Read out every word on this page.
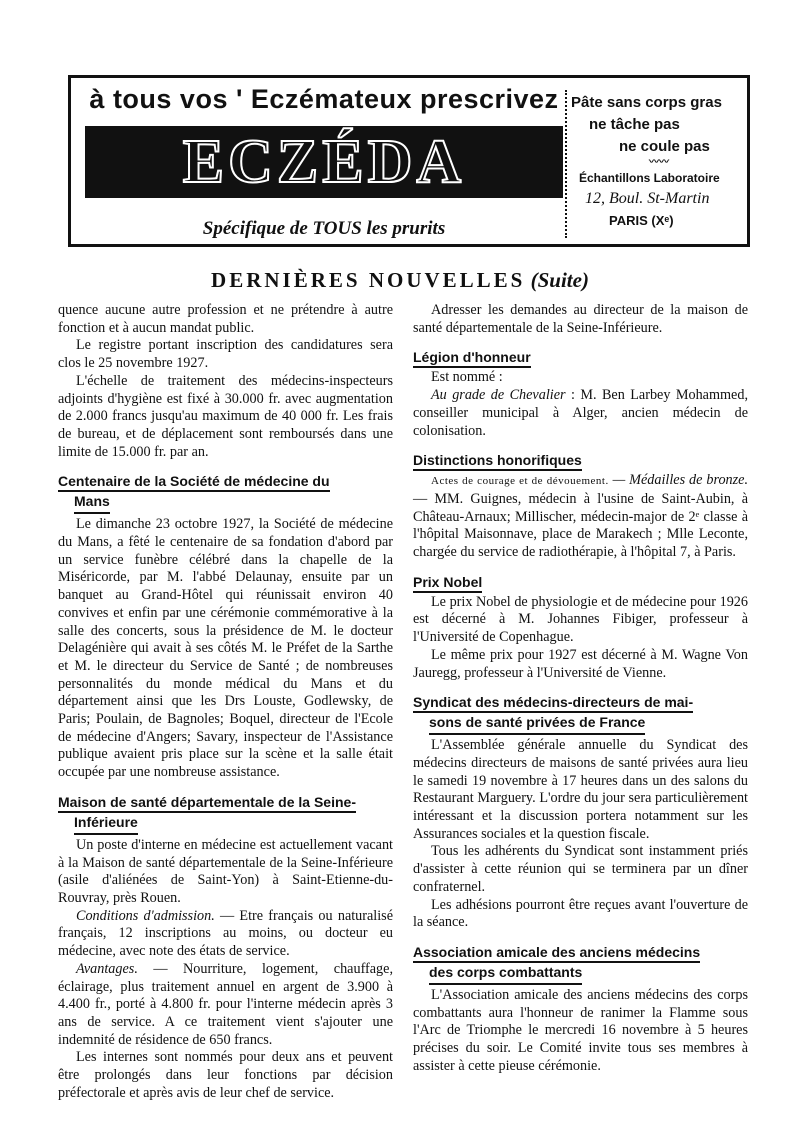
à tous vos ' Eczémateux prescrivez
ECZÉDA
Spécifique de TOUS les prurits
Pâte sans corps gras
ne tâche pas
ne coule pas
〰〰
Échantillons Laboratoire
12, Boul. St-Martin
PARIS (Xᵉ)
DERNIÈRES NOUVELLES (Suite)

quence aucune autre profession et ne prétendre à autre fonction et à aucun mandat public.

Le registre portant inscription des candidatures sera clos le 25 novembre 1927.

L'échelle de traitement des médecins-inspecteurs adjoints d'hygiène est fixé à 30.000 fr. avec augmentation de 2.000 francs jusqu'au maximum de 40 000 fr. Les frais de bureau, et de déplacement sont remboursés dans une limite de 15.000 fr. par an.

Centenaire de la Société de médecine du
Mans

Le dimanche 23 octobre 1927, la Société de médecine du Mans, a fêté le centenaire de sa fondation d'abord par un service funèbre célébré dans la chapelle de la Miséricorde, par M. l'abbé Delaunay, ensuite par un banquet au Grand-Hôtel qui réunissait environ 40 convives et enfin par une cérémonie commémorative à la salle des concerts, sous la présidence de M. le docteur Delagénière qui avait à ses côtés M. le Préfet de la Sarthe et M. le directeur du Service de Santé ; de nombreuses personnalités du monde médical du Mans et du département ainsi que les Drs Louste, Godlewsky, de Paris; Poulain, de Bagnoles; Boquel, directeur de l'Ecole de médecine d'Angers; Savary, inspecteur de l'Assistance publique avaient pris place sur la scène et la salle était occupée par une nombreuse assistance.

Maison de santé départementale de la Seine-
Inférieure

Un poste d'interne en médecine est actuellement vacant à la Maison de santé départementale de la Seine-Inférieure (asile d'aliénées de Saint-Yon) à Saint-Etienne-du-Rouvray, près Rouen.

Conditions d'admission. — Etre français ou naturalisé français, 12 inscriptions au moins, ou docteur eu médecine, avec note des états de service.

Avantages. — Nourriture, logement, chauffage, éclairage, plus traitement annuel en argent de 3.900 à 4.400 fr., porté à 4.800 fr. pour l'interne médecin après 3 ans de service. A ce traitement vient s'ajouter une indemnité de résidence de 650 francs.

Les internes sont nommés pour deux ans et peuvent être prolongés dans leur fonctions par décision préfectorale et après avis de leur chef de service.

Adresser les demandes au directeur de la maison de santé départementale de la Seine-Inférieure.

Légion d'honneur

Est nommé :

Au grade de Chevalier : M. Ben Larbey Mohammed, conseiller municipal à Alger, ancien médecin de colonisation.

Distinctions honorifiques

Actes de courage et de dévouement. — Médailles de bronze. — MM. Guignes, médecin à l'usine de Saint-Aubin, à Château-Arnaux; Millischer, médecin-major de 2ᵉ classe à l'hôpital Maisonnave, place de Marakech ; Mlle Leconte, chargée du service de radiothérapie, à l'hôpital 7, à Paris.

Prix Nobel

Le prix Nobel de physiologie et de médecine pour 1926 est décerné à M. Johannes Fibiger, professeur à l'Université de Copenhague.

Le même prix pour 1927 est décerné à M. Wagne Von Jauregg, professeur à l'Université de Vienne.

Syndicat des médecins-directeurs de mai-
sons de santé privées de France

L'Assemblée générale annuelle du Syndicat des médecins directeurs de maisons de santé privées aura lieu le samedi 19 novembre à 17 heures dans un des salons du Restaurant Marguery. L'ordre du jour sera particulièrement intéressant et la discussion portera notamment sur les Assurances sociales et la question fiscale.

Tous les adhérents du Syndicat sont instamment priés d'assister à cette réunion qui se terminera par un dîner confraternel.

Les adhésions pourront être reçues avant l'ouverture de la séance.

Association amicale des anciens médecins
des corps combattants

L'Association amicale des anciens médecins des corps combattants aura l'honneur de ranimer la Flamme sous l'Arc de Triomphe le mercredi 16 novembre à 5 heures précises du soir. Le Comité invite tous ses membres à assister à cette pieuse cérémonie.
